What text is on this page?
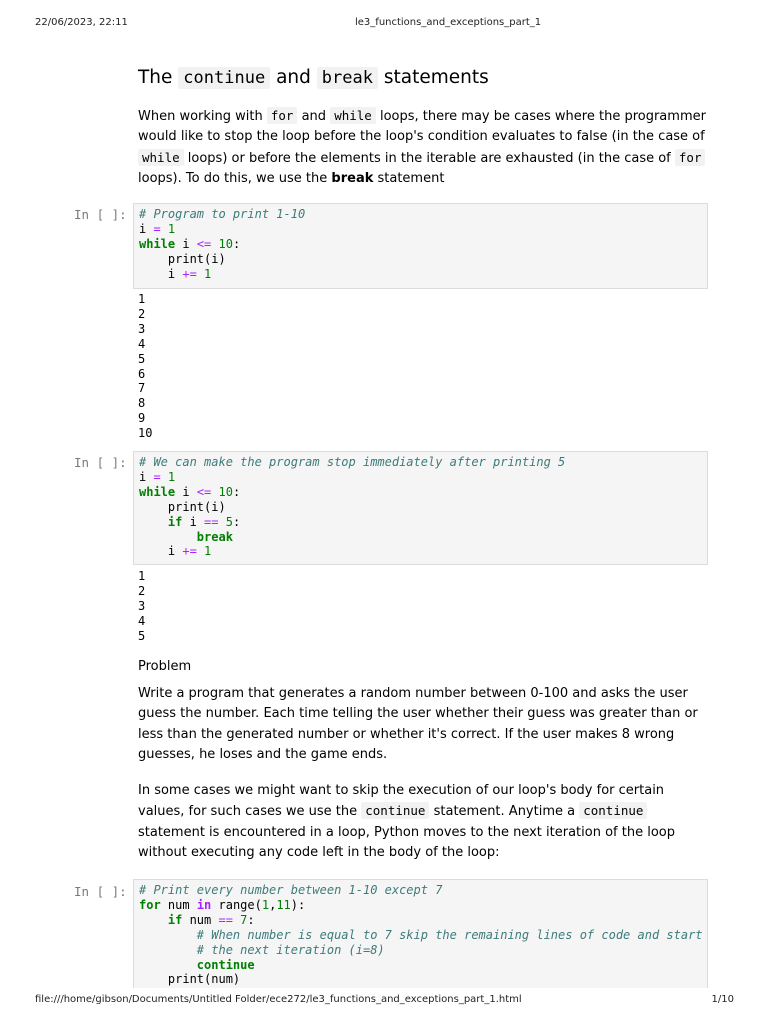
22/06/2023, 22:11	le3_functions_and_exceptions_part_1
The continue and break statements

When working with for and while loops, there may be cases where the programmer would like to stop the loop before the loop's condition evaluates to false (in the case of while loops) or before the elements in the iterable are exhausted (in the case of for loops). To do this, we use the break statement

In [ ]:	# Program to print 1-10
i = 1
while i <= 10:
print(i)
i += 1
1
2
3
4
5
6
7
8
9
10
In [ ]:	# We can make the program stop immediately after printing 5
i = 1
while i <= 10:
print(i)
if i == 5:
break
i += 1
1
2
3
4
5

Problem

Write a program that generates a random number between 0-100 and asks the user guess the number. Each time telling the user whether their guess was greater than or less than the generated number or whether it's correct. If the user makes 8 wrong guesses, he loses and the game ends.

In some cases we might want to skip the execution of our loop's body for certain values, for such cases we use the continue statement. Anytime a continue statement is encountered in a loop, Python moves to the next iteration of the loop without executing any code left in the body of the loop:

In [ ]:	# Print every number between 1-10 except 7
for num in range(1,11):
if num == 7:
# When number is equal to 7 skip the remaining lines of code and start
# the next iteration (i=8)
continue
print(num)
file:///home/gibson/Documents/Untitled Folder/ece272/le3_functions_and_exceptions_part_1.html	1/10
